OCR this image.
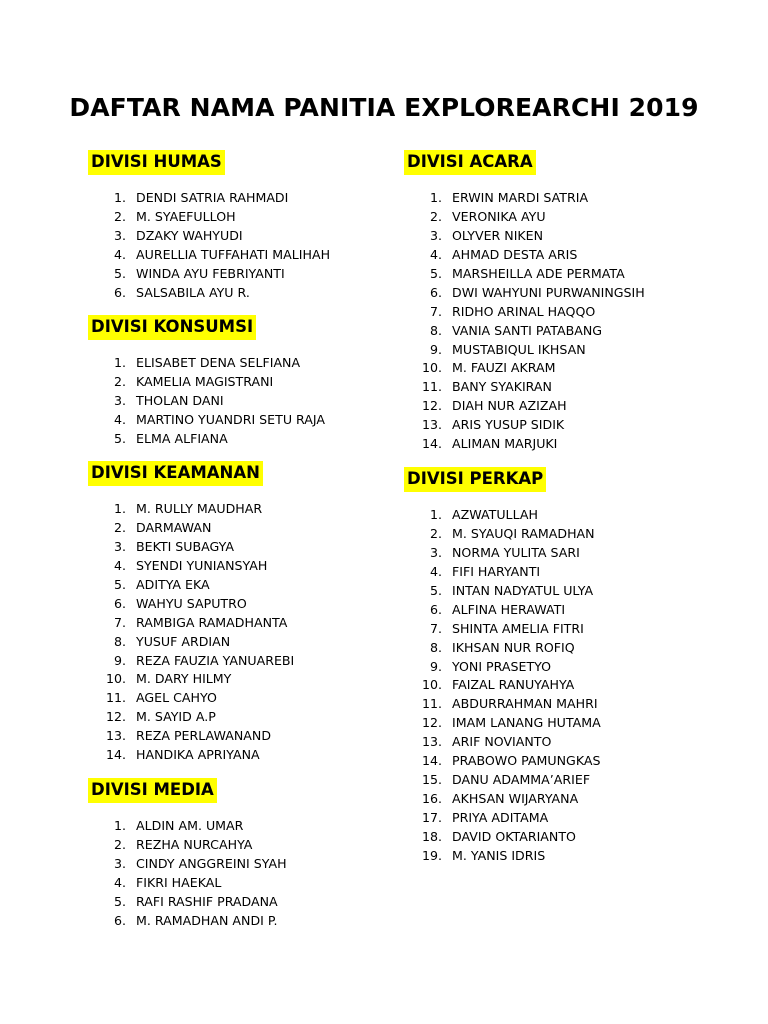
DAFTAR NAMA PANITIA EXPLOREARCHI 2019
DIVISI HUMAS
1. DENDI SATRIA RAHMADI
2. M. SYAEFULLOH
3. DZAKY WAHYUDI
4. AURELLIA TUFFAHATI MALIHAH
5. WINDA AYU FEBRIYANTI
6. SALSABILA AYU R.
DIVISI KONSUMSI
1. ELISABET DENA SELFIANA
2. KAMELIA MAGISTRANI
3. THOLAN DANI
4. MARTINO YUANDRI SETU RAJA
5. ELMA ALFIANA
DIVISI KEAMANAN
1. M. RULLY MAUDHAR
2. DARMAWAN
3. BEKTI SUBAGYA
4. SYENDI YUNIANSYAH
5. ADITYA EKA
6. WAHYU SAPUTRO
7. RAMBIGA RAMADHANTA
8. YUSUF ARDIAN
9. REZA FAUZIA YANUAREBI
10. M. DARY HILMY
11. AGEL CAHYO
12. M. SAYID A.P
13. REZA PERLAWANAND
14. HANDIKA APRIYANA
DIVISI MEDIA
1. ALDIN AM. UMAR
2. REZHA NURCAHYA
3. CINDY ANGGREINI SYAH
4. FIKRI HAEKAL
5. RAFI RASHIF PRADANA
6. M. RAMADHAN ANDI P.
DIVISI ACARA
1. ERWIN MARDI SATRIA
2. VERONIKA AYU
3. OLYVER NIKEN
4. AHMAD DESTA ARIS
5. MARSHEILLA ADE PERMATA
6. DWI WAHYUNI PURWANINGSIH
7. RIDHO ARINAL HAQQO
8. VANIA SANTI PATABANG
9. MUSTABIQUL IKHSAN
10. M. FAUZI AKRAM
11. BANY SYAKIRAN
12. DIAH NUR AZIZAH
13. ARIS YUSUP SIDIK
14. ALIMAN MARJUKI
DIVISI PERKAP
1. AZWATULLAH
2. M. SYAUQI RAMADHAN
3. NORMA YULITA SARI
4. FIFI HARYANTI
5. INTAN NADYATUL ULYA
6. ALFINA HERAWATI
7. SHINTA AMELIA FITRI
8. IKHSAN NUR ROFIQ
9. YONI PRASETYO
10. FAIZAL RANUYAHYA
11. ABDURRAHMAN MAHRI
12. IMAM LANANG HUTAMA
13. ARIF NOVIANTO
14. PRABOWO PAMUNGKAS
15. DANU ADAMMA’ARIEF
16. AKHSAN WIJARYANA
17. PRIYA ADITAMA
18. DAVID OKTARIANTO
19. M. YANIS IDRIS
